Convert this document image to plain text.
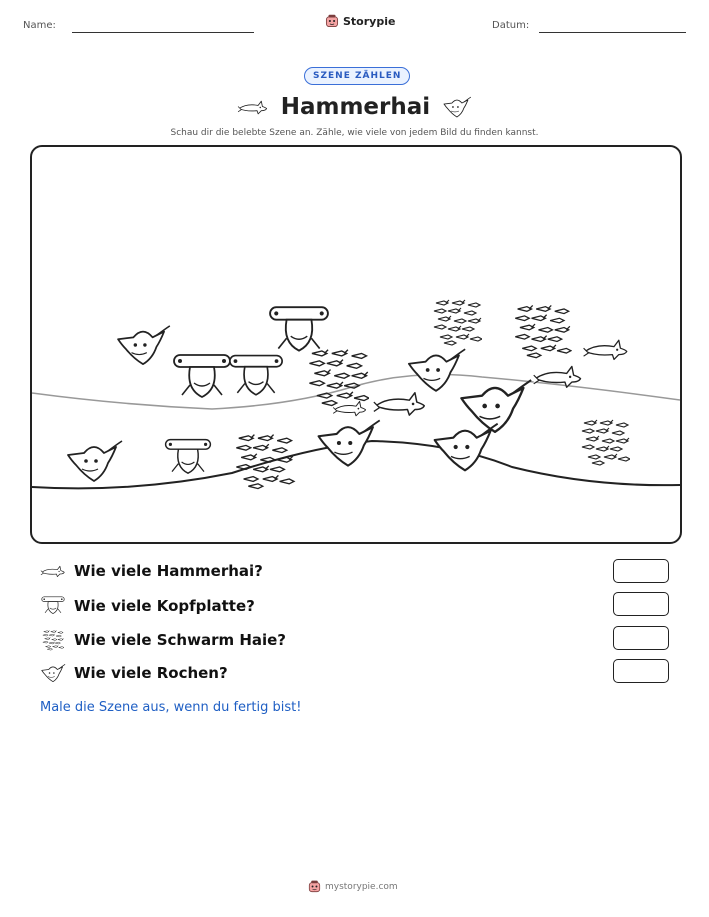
Name:	Storypie	Datum:
SZENE ZÄHLEN
Hammerhai
Schau dir die belebte Szene an. Zähle, wie viele von jedem Bild du finden kannst.
Wie viele Hammerhai?
Wie viele Kopfplatte?
Wie viele Schwarm Haie?
Wie viele Rochen?
Male die Szene aus, wenn du fertig bist!
mystorypie.com
